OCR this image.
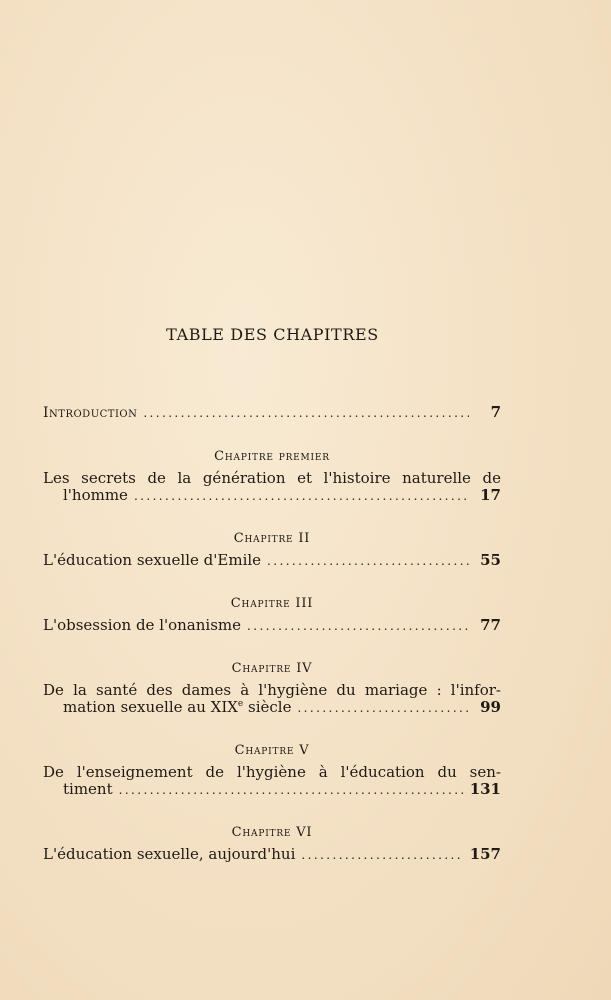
TABLE DES CHAPITRES
Introduction .....	7
Chapitre premier
Les secrets de la génération et l'histoire naturelle de
l'homme .....	17
Chapitre II
L'éducation sexuelle d'Emile .....	55
Chapitre III
L'obsession de l'onanisme .....	77
Chapitre IV
De la santé des dames à l'hygiène du mariage : l'infor-
mation sexuelle au XIXe siècle .....	99
Chapitre V
De l'enseignement de l'hygiène à l'éducation du sen-
timent .....	131
Chapitre VI
L'éducation sexuelle, aujourd'hui .....	157
